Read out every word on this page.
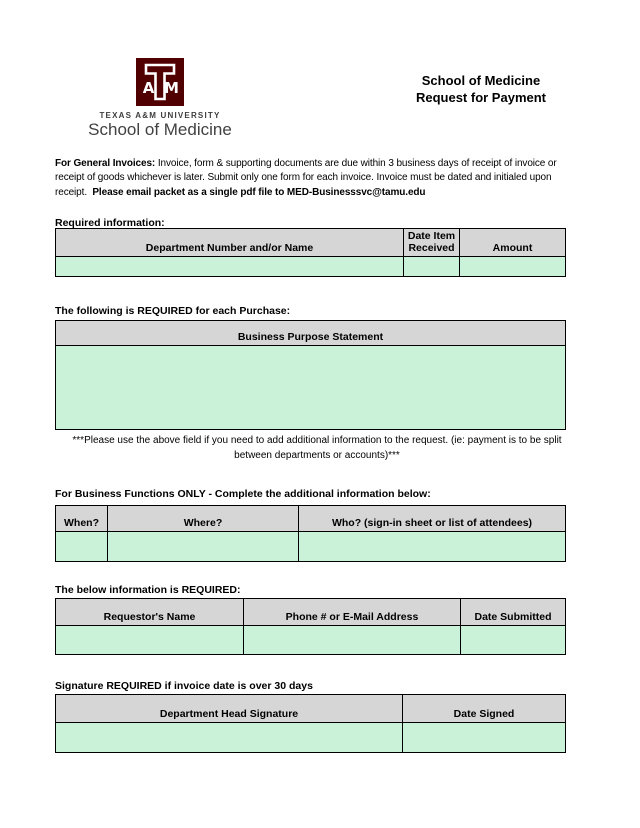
A M
.
TEXAS A&M UNIVERSITY
School of Medicine
School of Medicine
Request for Payment
For General Invoices: Invoice, form & supporting documents are due within 3 business days of receipt of invoice or receipt of goods whichever is later. Submit only one form for each invoice. Invoice must be dated and initialed upon receipt.  Please email packet as a single pdf file to MED-Businesssvc@tamu.edu
Required information:
Department Number and/or Name	Date Item Received	Amount

The following is REQUIRED for each Purchase:
Business Purpose Statement

***Please use the above field if you need to add additional information to the request. (ie: payment is to be split between departments or accounts)***
For Business Functions ONLY - Complete the additional information below:
When?	Where?	Who? (sign-in sheet or list of attendees)

The below information is REQUIRED:
Requestor's Name	Phone # or E-Mail Address	Date Submitted

Signature REQUIRED if invoice date is over 30 days
Department Head Signature	Date Signed
